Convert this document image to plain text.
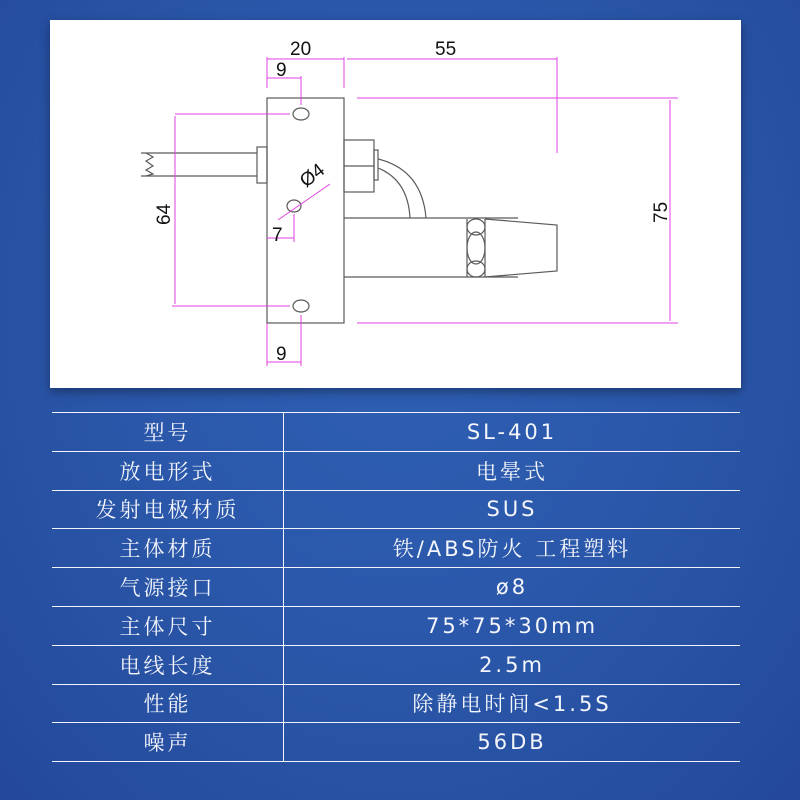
20
9
55
64
Ø4
7
75
9
型号	SL-401
放电形式	电晕式
发射电极材质	SUS
主体材质	铁/ABS防火 工程塑料
气源接口	ø8
主体尺寸	75*75*30mm
电线长度	2.5m
性能	除静电时间<1.5S
噪声	56DB
